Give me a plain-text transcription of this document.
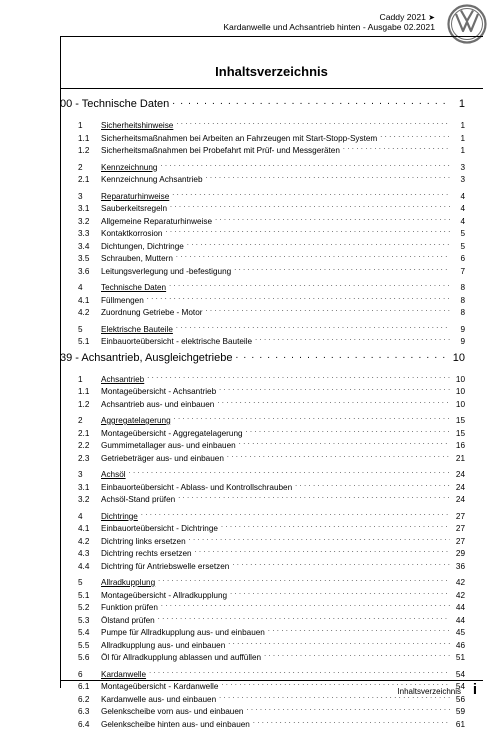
Caddy 2021 ➤
Kardanwelle und Achsantrieb hinten - Ausgabe 02.2021
Inhaltsverzeichnis
00 - Technische Daten . . .	1
1	Sicherheitshinweise . . .	1
1.1	Sicherheitsmaßnahmen bei Arbeiten an Fahrzeugen mit Start-Stopp-System . . .	1
1.2	Sicherheitsmaßnahmen bei Probefahrt mit Prüf- und Messgeräten . . .	1
2	Kennzeichnung . . .	3
2.1	Kennzeichnung Achsantrieb . . .	3
3	Reparaturhinweise . . .	4
3.1	Sauberkeitsregeln . . .	4
3.2	Allgemeine Reparaturhinweise . . .	4
3.3	Kontaktkorrosion . . .	5
3.4	Dichtungen, Dichtringe . . .	5
3.5	Schrauben, Muttern . . .	6
3.6	Leitungsverlegung und -befestigung . . .	7
4	Technische Daten . . .	8
4.1	Füllmengen . . .	8
4.2	Zuordnung Getriebe - Motor . . .	8
5	Elektrische Bauteile . . .	9
5.1	Einbauorteübersicht - elektrische Bauteile . . .	9
39 - Achsantrieb, Ausgleichgetriebe . . .	10
1	Achsantrieb . . .	10
1.1	Montageübersicht - Achsantrieb . . .	10
1.2	Achsantrieb aus- und einbauen . . .	10
2	Aggregatelagerung . . .	15
2.1	Montageübersicht - Aggregatelagerung . . .	15
2.2	Gummimetallager aus- und einbauen . . .	16
2.3	Getriebeträger aus- und einbauen . . .	21
3	Achsöl . . .	24
3.1	Einbauorteübersicht - Ablass- und Kontrollschrauben . . .	24
3.2	Achsöl-Stand prüfen . . .	24
4	Dichtringe . . .	27
4.1	Einbauorteübersicht - Dichtringe . . .	27
4.2	Dichtring links ersetzen . . .	27
4.3	Dichtring rechts ersetzen . . .	29
4.4	Dichtring für Antriebswelle ersetzen . . .	36
5	Allradkupplung . . .	42
5.1	Montageübersicht - Allradkupplung . . .	42
5.2	Funktion prüfen . . .	44
5.3	Ölstand prüfen . . .	44
5.4	Pumpe für Allradkupplung aus- und einbauen . . .	45
5.5	Allradkupplung aus- und einbauen . . .	46
5.6	Öl für Allradkupplung ablassen und auffüllen . . .	51
6	Kardanwelle . . .	54
6.1	Montageübersicht - Kardanwelle . . .	54
6.2	Kardanwelle aus- und einbauen . . .	56
6.3	Gelenkscheibe vorn aus- und einbauen . . .	59
6.4	Gelenkscheibe hinten aus- und einbauen . . .	61
Inhaltsverzeichnis i
